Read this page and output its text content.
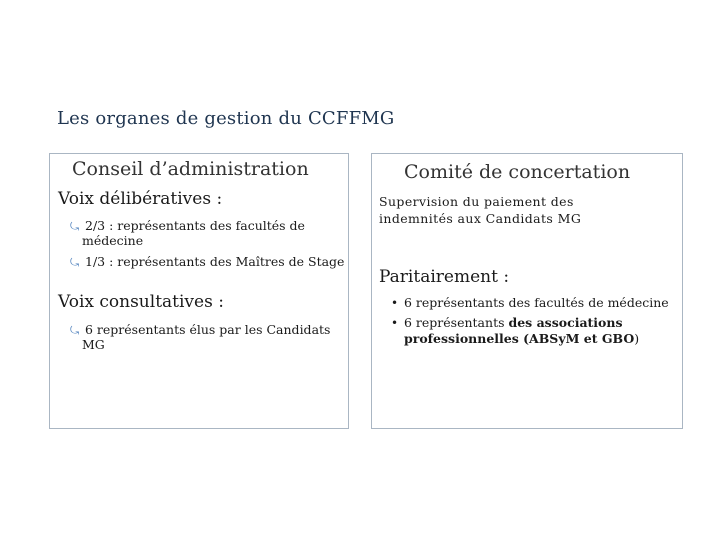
Les organes de gestion du CCFFMG
Conseil d’administration	Comité de concertation
Voix délibératives :
⤿ 2/3 : représentants des facultés de
médecine
⤿ 1/3 : représentants des Maîtres de Stage
Voix consultatives :
⤿ 6 représentants élus par les Candidats
MG
Supervision du paiement des
indemnités aux Candidats MG
Paritairement :
• 6 représentants des facultés de médecine
• 6 représentants des associations
professionnelles (ABSyM et GBO)
